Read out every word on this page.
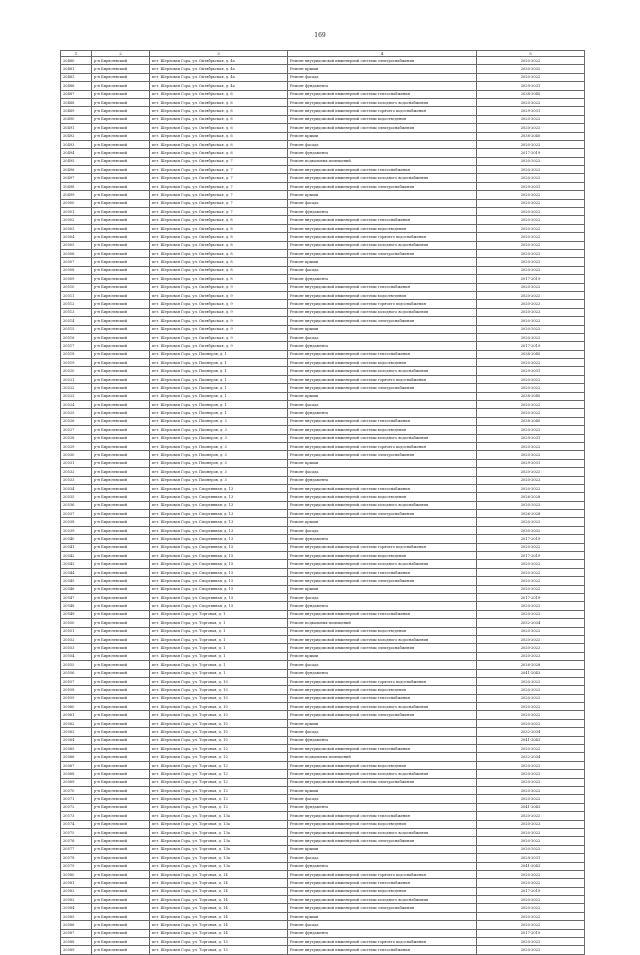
169
1	2	3	4	5
20480	р-н Бирюлевский	пгт. Шерловая Гора, ул. Октябрьская, д. 4а	Ремонт внутридомовой инженерной системы электроснабжения	2020-2022
20481	р-н Бирюлевский	пгт. Шерловая Гора, ул. Октябрьская, д. 4а	Ремонт крыши	2030-2032
20483	р-н Бирюлевский	пгт. Шерловая Гора, ул. Октябрьская, д. 4а	Ремонт фасада	2020-2022
20486	р-н Бирюлевский	пгт. Шерловая Гора, ул. Октябрьская, д. 4а	Ремонт фундамента	2029-2031
20487	р-н Бирюлевский	пгт. Шерловая Гора, ул. Октябрьская, д. 6	Ремонт внутридомовой инженерной системы теплоснабжения	2038-2040
20488	р-н Бирюлевский	пгт. Шерловая Гора, ул. Октябрьская, д. 6	Ремонт внутридомовой инженерной системы холодного водоснабжения	2020-2022
20489	р-н Бирюлевский	пгт. Шерловая Гора, ул. Октябрьская, д. 6	Ремонт внутридомовой инженерной системы горячего водоснабжения	2029-2031
20490	р-н Бирюлевский	пгт. Шерловая Гора, ул. Октябрьская, д. 6	Ремонт внутридомовой инженерной системы водоотведения	2020-2022
20491	р-н Бирюлевский	пгт. Шерловая Гора, ул. Октябрьская, д. 6	Ремонт внутридомовой инженерной системы электроснабжения	2020-2022
20492	р-н Бирюлевский	пгт. Шерловая Гора, ул. Октябрьская, д. 6	Ремонт крыши	2038-2040
20493	р-н Бирюлевский	пгт. Шерловая Гора, ул. Октябрьская, д. 6	Ремонт фасада	2020-2022
20494	р-н Бирюлевский	пгт. Шерловая Гора, ул. Октябрьская, д. 6	Ремонт фундамента	2017-2019
20495	р-н Бирюлевский	пгт. Шерловая Гора, ул. Октябрьская, д. 7	Ремонт подвальных помещений	2020-2022
20496	р-н Бирюлевский	пгт. Шерловая Гора, ул. Октябрьская, д. 7	Ремонт внутридомовой инженерной системы теплоснабжения	2020-2022
20497	р-н Бирюлевский	пгт. Шерловая Гора, ул. Октябрьская, д. 7	Ремонт внутридомовой инженерной системы холодного водоснабжения	2020-2022
20498	р-н Бирюлевский	пгт. Шерловая Гора, ул. Октябрьская, д. 7	Ремонт внутридомовой инженерной системы электроснабжения	2029-2031
20499	р-н Бирюлевский	пгт. Шерловая Гора, ул. Октябрьская, д. 7	Ремонт крыши	2020-2022
20500	р-н Бирюлевский	пгт. Шерловая Гора, ул. Октябрьская, д. 7	Ремонт фасада	2020-2022
20501	р-н Бирюлевский	пгт. Шерловая Гора, ул. Октябрьская, д. 7	Ремонт фундамента	2020-2022
20502	р-н Бирюлевский	пгт. Шерловая Гора, ул. Октябрьская, д. 8	Ремонт внутридомовой инженерной системы теплоснабжения	2020-2022
20503	р-н Бирюлевский	пгт. Шерловая Гора, ул. Октябрьская, д. 8	Ремонт внутридомовой инженерной системы водоотведения	2020-2022
20504	р-н Бирюлевский	пгт. Шерловая Гора, ул. Октябрьская, д. 8	Ремонт внутридомовой инженерной системы горячего водоснабжения	2020-2022
20505	р-н Бирюлевский	пгт. Шерловая Гора, ул. Октябрьская, д. 8	Ремонт внутридомовой инженерной системы холодного водоснабжения	2020-2022
20506	р-н Бирюлевский	пгт. Шерловая Гора, ул. Октябрьская, д. 8	Ремонт внутридомовой инженерной системы электроснабжения	2020-2022
20507	р-н Бирюлевский	пгт. Шерловая Гора, ул. Октябрьская, д. 8	Ремонт крыши	2020-2022
20508	р-н Бирюлевский	пгт. Шерловая Гора, ул. Октябрьская, д. 8	Ремонт фасада	2020-2022
20509	р-н Бирюлевский	пгт. Шерловая Гора, ул. Октябрьская, д. 8	Ремонт фундамента	2017-2019
20510	р-н Бирюлевский	пгт. Шерловая Гора, ул. Октябрьская, д. 9	Ремонт внутридомовой инженерной системы теплоснабжения	2020-2022
20511	р-н Бирюлевский	пгт. Шерловая Гора, ул. Октябрьская, д. 9	Ремонт внутридомовой инженерной системы водоотведения	2020-2022
20512	р-н Бирюлевский	пгт. Шерловая Гора, ул. Октябрьская, д. 9	Ремонт внутридомовой инженерной системы горячего водоснабжения	2020-2022
20513	р-н Бирюлевский	пгт. Шерловая Гора, ул. Октябрьская, д. 9	Ремонт внутридомовой инженерной системы холодного водоснабжения	2020-2022
20514	р-н Бирюлевский	пгт. Шерловая Гора, ул. Октябрьская, д. 9	Ремонт внутридомовой инженерной системы электроснабжения	2020-2022
20515	р-н Бирюлевский	пгт. Шерловая Гора, ул. Октябрьская, д. 9	Ремонт крыши	2020-2022
20516	р-н Бирюлевский	пгт. Шерловая Гора, ул. Октябрьская, д. 9	Ремонт фасада	2020-2022
20517	р-н Бирюлевский	пгт. Шерловая Гора, ул. Октябрьская, д. 9	Ремонт фундамента	2017-2019
20518	р-н Бирюлевский	пгт. Шерловая Гора, ул. Пионеров, д. 1	Ремонт внутридомовой инженерной системы теплоснабжения	2038-2040
20519	р-н Бирюлевский	пгт. Шерловая Гора, ул. Пионеров, д. 1	Ремонт внутридомовой инженерной системы водоотведения	2020-2022
20520	р-н Бирюлевский	пгт. Шерловая Гора, ул. Пионеров, д. 1	Ремонт внутридомовой инженерной системы холодного водоснабжения	2029-2031
20521	р-н Бирюлевский	пгт. Шерловая Гора, ул. Пионеров, д. 1	Ремонт внутридомовой инженерной системы горячего водоснабжения	2020-2022
20522	р-н Бирюлевский	пгт. Шерловая Гора, ул. Пионеров, д. 1	Ремонт внутридомовой инженерной системы электроснабжения	2020-2022
20523	р-н Бирюлевский	пгт. Шерловая Гора, ул. Пионеров, д. 1	Ремонт крыши	2038-2040
20524	р-н Бирюлевский	пгт. Шерловая Гора, ул. Пионеров, д. 1	Ремонт фасада	2020-2022
20525	р-н Бирюлевский	пгт. Шерловая Гора, ул. Пионеров, д. 1	Ремонт фундамента	2020-2022
20526	р-н Бирюлевский	пгт. Шерловая Гора, ул. Пионеров, д. 3	Ремонт внутридомовой инженерной системы теплоснабжения	2038-2040
20527	р-н Бирюлевский	пгт. Шерловая Гора, ул. Пионеров, д. 3	Ремонт внутридомовой инженерной системы водоотведения	2020-2022
20528	р-н Бирюлевский	пгт. Шерловая Гора, ул. Пионеров, д. 3	Ремонт внутридомовой инженерной системы холодного водоснабжения	2029-2031
20529	р-н Бирюлевский	пгт. Шерловая Гора, ул. Пионеров, д. 3	Ремонт внутридомовой инженерной системы горячего водоснабжения	2020-2022
20530	р-н Бирюлевский	пгт. Шерловая Гора, ул. Пионеров, д. 3	Ремонт внутридомовой инженерной системы электроснабжения	2020-2022
20531	р-н Бирюлевский	пгт. Шерловая Гора, ул. Пионеров, д. 3	Ремонт крыши	2029-2031
20532	р-н Бирюлевский	пгт. Шерловая Гора, ул. Пионеров, д. 3	Ремонт фасада	2020-2022
20533	р-н Бирюлевский	пгт. Шерловая Гора, ул. Пионеров, д. 3	Ремонт фундамента	2020-2022
20534	р-н Бирюлевский	пгт. Шерловая Гора, ул. Спортивная, д. 13	Ремонт внутридомовой инженерной системы теплоснабжения	2020-2022
20535	р-н Бирюлевский	пгт. Шерловая Гора, ул. Спортивная, д. 13	Ремонт внутридомовой инженерной системы водоотведения	2026-2028
20536	р-н Бирюлевский	пгт. Шерловая Гора, ул. Спортивная, д. 13	Ремонт внутридомовой инженерной системы холодного водоснабжения	2020-2022
20537	р-н Бирюлевский	пгт. Шерловая Гора, ул. Спортивная, д. 13	Ремонт внутридомовой инженерной системы электроснабжения	2026-2028
20538	р-н Бирюлевский	пгт. Шерловая Гора, ул. Спортивная, д. 13	Ремонт крыши	2020-2022
20539	р-н Бирюлевский	пгт. Шерловая Гора, ул. Спортивная, д. 13	Ремонт фасада	2030-2032
20540	р-н Бирюлевский	пгт. Шерловая Гора, ул. Спортивная, д. 13	Ремонт фундамента	2017-2019
20541	р-н Бирюлевский	пгт. Шерловая Гора, ул. Спортивная, д. 15	Ремонт внутридомовой инженерной системы горячего водоснабжения	2020-2022
20542	р-н Бирюлевский	пгт. Шерловая Гора, ул. Спортивная, д. 15	Ремонт внутридомовой инженерной системы водоотведения	2017-2019
20543	р-н Бирюлевский	пгт. Шерловая Гора, ул. Спортивная, д. 15	Ремонт внутридомовой инженерной системы холодного водоснабжения	2020-2022
20544	р-н Бирюлевский	пгт. Шерловая Гора, ул. Спортивная, д. 15	Ремонт внутридомовой инженерной системы теплоснабжения	2020-2022
20545	р-н Бирюлевский	пгт. Шерловая Гора, ул. Спортивная, д. 15	Ремонт внутридомовой инженерной системы электроснабжения	2020-2022
20546	р-н Бирюлевский	пгт. Шерловая Гора, ул. Спортивная, д. 15	Ремонт крыши	2020-2022
20547	р-н Бирюлевский	пгт. Шерловая Гора, ул. Спортивная, д. 15	Ремонт фасада	2017-2019
20548	р-н Бирюлевский	пгт. Шерловая Гора, ул. Спортивная, д. 15	Ремонт фундамента	2020-2022
20549	р-н Бирюлевский	пгт. Шерловая Гора, ул. Торговая, д. 1	Ремонт внутридомовой инженерной системы теплоснабжения	2020-2022
20550	р-н Бирюлевский	пгт. Шерловая Гора, ул. Торговая, д. 1	Ремонт подвальных помещений	2032-2034
20551	р-н Бирюлевский	пгт. Шерловая Гора, ул. Торговая, д. 1	Ремонт внутридомовой инженерной системы водоотведения	2020-2022
20552	р-н Бирюлевский	пгт. Шерловая Гора, ул. Торговая, д. 1	Ремонт внутридомовой инженерной системы холодного водоснабжения	2020-2022
20553	р-н Бирюлевский	пгт. Шерловая Гора, ул. Торговая, д. 1	Ремонт внутридомовой инженерной системы электроснабжения	2020-2022
20554	р-н Бирюлевский	пгт. Шерловая Гора, ул. Торговая, д. 1	Ремонт крыши	2020-2022
20555	р-н Бирюлевский	пгт. Шерловая Гора, ул. Торговая, д. 1	Ремонт фасада	2026-2028
20556	р-н Бирюлевский	пгт. Шерловая Гора, ул. Торговая, д. 1	Ремонт фундамента	2041-2043
20557	р-н Бирюлевский	пгт. Шерловая Гора, ул. Торговая, д. 10	Ремонт внутридомовой инженерной системы горячего водоснабжения	2020-2022
20558	р-н Бирюлевский	пгт. Шерловая Гора, ул. Торговая, д. 10	Ремонт внутридомовой инженерной системы водоотведения	2020-2022
20559	р-н Бирюлевский	пгт. Шерловая Гора, ул. Торговая, д. 10	Ремонт внутридомовой инженерной системы теплоснабжения	2020-2022
20560	р-н Бирюлевский	пгт. Шерловая Гора, ул. Торговая, д. 10	Ремонт внутридомовой инженерной системы холодного водоснабжения	2020-2022
20561	р-н Бирюлевский	пгт. Шерловая Гора, ул. Торговая, д. 10	Ремонт внутридомовой инженерной системы электроснабжения	2020-2022
20562	р-н Бирюлевский	пгт. Шерловая Гора, ул. Торговая, д. 10	Ремонт крыши	2020-2022
20563	р-н Бирюлевский	пгт. Шерловая Гора, ул. Торговая, д. 10	Ремонт фасада	2032-2034
20564	р-н Бирюлевский	пгт. Шерловая Гора, ул. Торговая, д. 10	Ремонт фундамента	2041-2043
20565	р-н Бирюлевский	пгт. Шерловая Гора, ул. Торговая, д. 12	Ремонт внутридомовой инженерной системы теплоснабжения	2020-2022
20566	р-н Бирюлевский	пгт. Шерловая Гора, ул. Торговая, д. 12	Ремонт подвальных помещений	2032-2034
20567	р-н Бирюлевский	пгт. Шерловая Гора, ул. Торговая, д. 12	Ремонт внутридомовой инженерной системы водоотведения	2020-2022
20568	р-н Бирюлевский	пгт. Шерловая Гора, ул. Торговая, д. 12	Ремонт внутридомовой инженерной системы холодного водоснабжения	2020-2022
20569	р-н Бирюлевский	пгт. Шерловая Гора, ул. Торговая, д. 12	Ремонт внутридомовой инженерной системы электроснабжения	2020-2022
20570	р-н Бирюлевский	пгт. Шерловая Гора, ул. Торговая, д. 12	Ремонт крыши	2020-2022
20571	р-н Бирюлевский	пгт. Шерловая Гора, ул. Торговая, д. 12	Ремонт фасада	2020-2022
20572	р-н Бирюлевский	пгт. Шерловая Гора, ул. Торговая, д. 12	Ремонт фундамента	2041-2043
20573	р-н Бирюлевский	пгт. Шерловая Гора, ул. Торговая, д. 13а	Ремонт внутридомовой инженерной системы теплоснабжения	2020-2022
20574	р-н Бирюлевский	пгт. Шерловая Гора, ул. Торговая, д. 13а	Ремонт внутридомовой инженерной системы водоотведения	2020-2022
20575	р-н Бирюлевский	пгт. Шерловая Гора, ул. Торговая, д. 13а	Ремонт внутридомовой инженерной системы холодного водоснабжения	2020-2022
20576	р-н Бирюлевский	пгт. Шерловая Гора, ул. Торговая, д. 13а	Ремонт внутридомовой инженерной системы электроснабжения	2020-2022
20577	р-н Бирюлевский	пгт. Шерловая Гора, ул. Торговая, д. 13а	Ремонт крыши	2020-2022
20578	р-н Бирюлевский	пгт. Шерловая Гора, ул. Торговая, д. 13а	Ремонт фасада	2029-2031
20579	р-н Бирюлевский	пгт. Шерловая Гора, ул. Торговая, д. 13а	Ремонт фундамента	2041-2043
20580	р-н Бирюлевский	пгт. Шерловая Гора, ул. Торговая, д. 14	Ремонт внутридомовой инженерной системы горячего водоснабжения	2020-2022
20581	р-н Бирюлевский	пгт. Шерловая Гора, ул. Торговая, д. 14	Ремонт внутридомовой инженерной системы теплоснабжения	2020-2022
20582	р-н Бирюлевский	пгт. Шерловая Гора, ул. Торговая, д. 14	Ремонт внутридомовой инженерной системы водоотведения	2017-2019
20583	р-н Бирюлевский	пгт. Шерловая Гора, ул. Торговая, д. 14	Ремонт внутридомовой инженерной системы холодного водоснабжения	2020-2022
20584	р-н Бирюлевский	пгт. Шерловая Гора, ул. Торговая, д. 14	Ремонт внутридомовой инженерной системы электроснабжения	2020-2022
20585	р-н Бирюлевский	пгт. Шерловая Гора, ул. Торговая, д. 14	Ремонт крыши	2020-2022
20586	р-н Бирюлевский	пгт. Шерловая Гора, ул. Торговая, д. 14	Ремонт фасада	2020-2022
20587	р-н Бирюлевский	пгт. Шерловая Гора, ул. Торговая, д. 14	Ремонт фундамента	2017-2019
20588	р-н Бирюлевский	пгт. Шерловая Гора, ул. Торговая, д. 15	Ремонт внутридомовой инженерной системы горячего водоснабжения	2020-2022
20589	р-н Бирюлевский	пгт. Шерловая Гора, ул. Торговая, д. 15	Ремонт внутридомовой инженерной системы теплоснабжения	2020-2022
